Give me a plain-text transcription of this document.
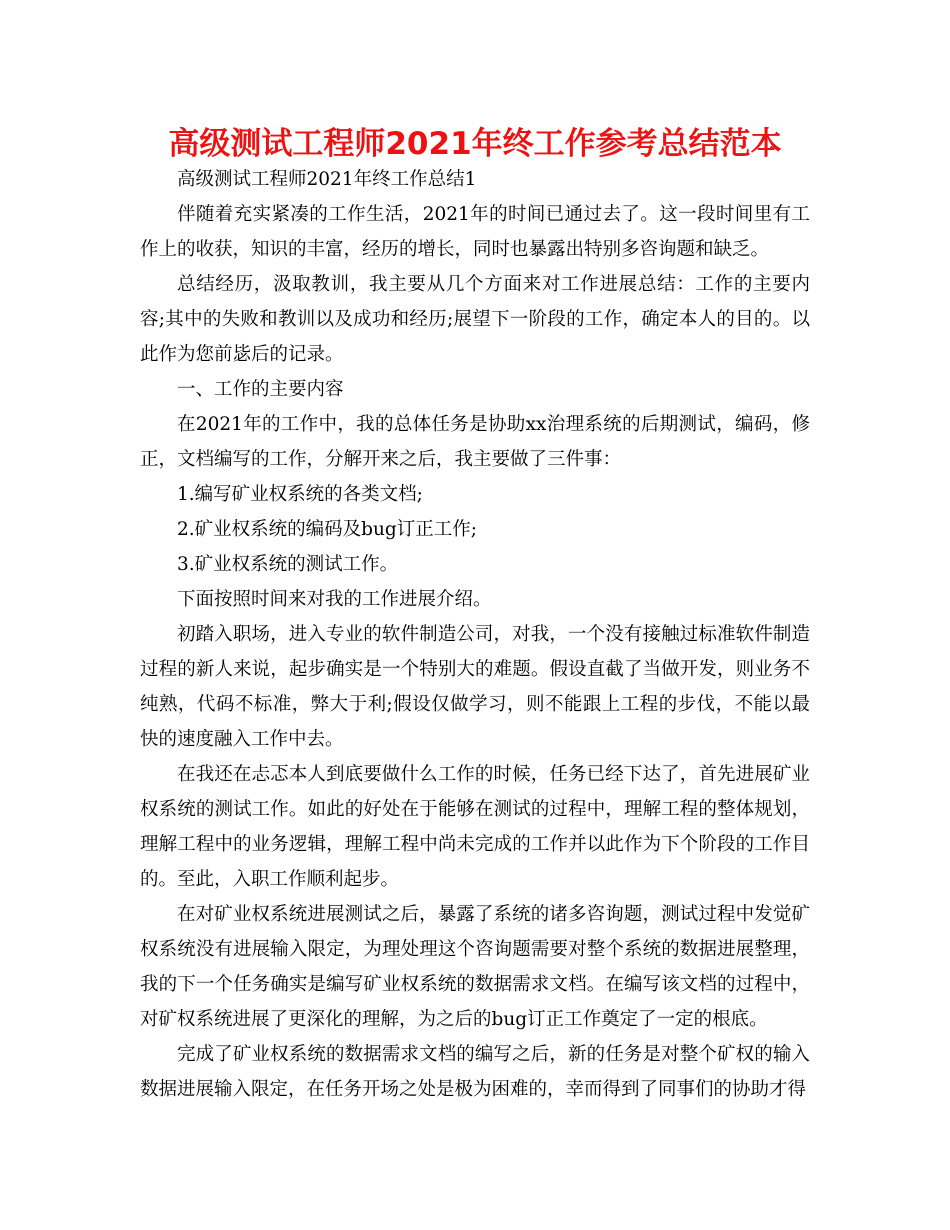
高级测试工程师2021年终工作参考总结范本

高级测试工程师2021年终工作总结1

伴随着充实紧凑的工作生活，2021年的时间已通过去了。这一段时间里有工作上的收获，知识的丰富，经历的增长，同时也暴露出特别多咨询题和缺乏。

总结经历，汲取教训，我主要从几个方面来对工作进展总结：工作的主要内容;其中的失败和教训以及成功和经历;展望下一阶段的工作，确定本人的目的。以此作为您前毖后的记录。

一、工作的主要内容

在2021年的工作中，我的总体任务是协助xx治理系统的后期测试，编码，修正，文档编写的工作，分解开来之后，我主要做了三件事：

1.编写矿业权系统的各类文档;

2.矿业权系统的编码及bug订正工作;

3.矿业权系统的测试工作。

下面按照时间来对我的工作进展介绍。

初踏入职场，进入专业的软件制造公司，对我，一个没有接触过标准软件制造过程的新人来说，起步确实是一个特别大的难题。假设直截了当做开发，则业务不纯熟，代码不标准，弊大于利;假设仅做学习，则不能跟上工程的步伐，不能以最快的速度融入工作中去。

在我还在忐忑本人到底要做什么工作的时候，任务已经下达了，首先进展矿业权系统的测试工作。如此的好处在于能够在测试的过程中，理解工程的整体规划，理解工程中的业务逻辑，理解工程中尚未完成的工作并以此作为下个阶段的工作目的。至此，入职工作顺利起步。

在对矿业权系统进展测试之后，暴露了系统的诸多咨询题，测试过程中发觉矿权系统没有进展输入限定，为理处理这个咨询题需要对整个系统的数据进展整理，我的下一个任务确实是编写矿业权系统的数据需求文档。在编写该文档的过程中，对矿权系统进展了更深化的理解，为之后的bug订正工作奠定了一定的根底。

完成了矿业权系统的数据需求文档的编写之后，新的任务是对整个矿权的输入数据进展输入限定，在任务开场之处是极为困难的，幸而得到了同事们的协助才得
